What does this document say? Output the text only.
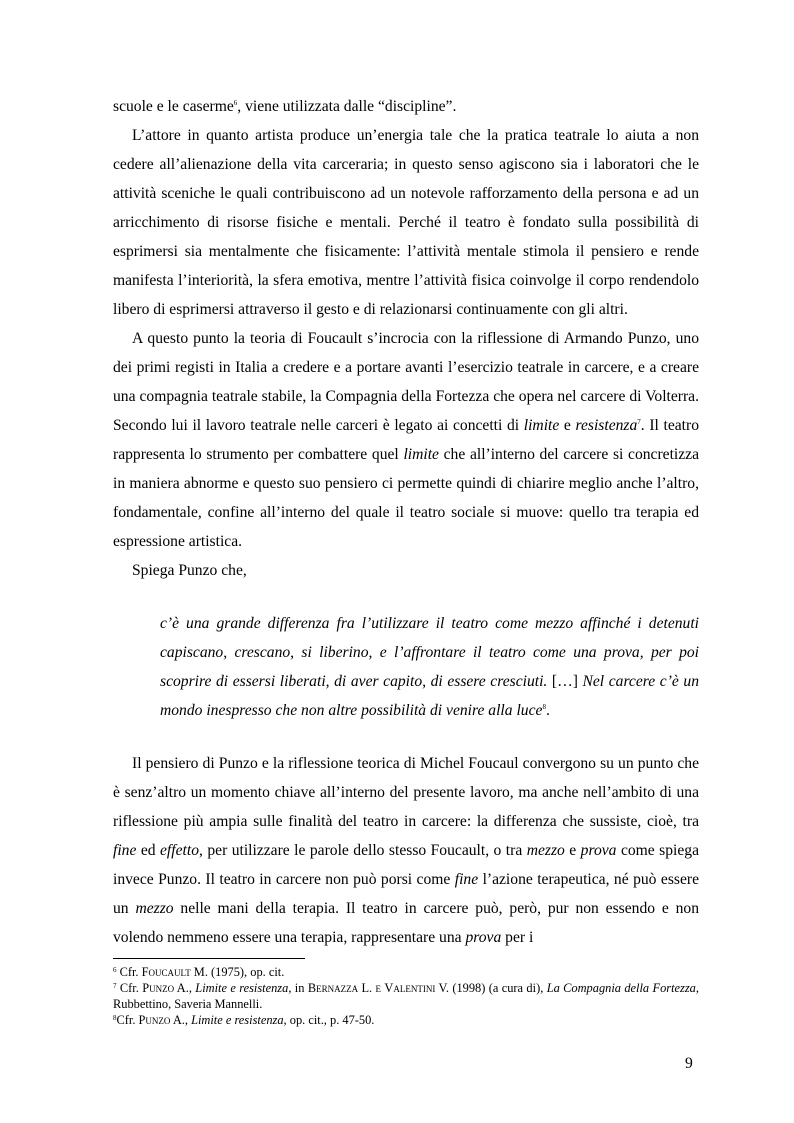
scuole e le caserme$^6$, viene utilizzata dalle “discipline”.

L’attore in quanto artista produce un’energia tale che la pratica teatrale lo aiuta a non cedere all’alienazione della vita carceraria; in questo senso agiscono sia i laboratori che le attività sceniche le quali contribuiscono ad un notevole rafforzamento della persona e ad un arricchimento di risorse fisiche e mentali. Perché il teatro è fondato sulla possibilità di esprimersi sia mentalmente che fisicamente: l’attività mentale stimola il pensiero e rende manifesta l’interiorità, la sfera emotiva, mentre l’attività fisica coinvolge il corpo rendendolo libero di esprimersi attraverso il gesto e di relazionarsi continuamente con gli altri.

A questo punto la teoria di Foucault s’incrocia con la riflessione di Armando Punzo, uno dei primi registi in Italia a credere e a portare avanti l’esercizio teatrale in carcere, e a creare una compagnia teatrale stabile, la Compagnia della Fortezza che opera nel carcere di Volterra. Secondo lui il lavoro teatrale nelle carceri è legato ai concetti di limite e resistenza$^7$. Il teatro rappresenta lo strumento per combattere quel limite che all’interno del carcere si concretizza in maniera abnorme e questo suo pensiero ci permette quindi di chiarire meglio anche l’altro, fondamentale, confine all’interno del quale il teatro sociale si muove: quello tra terapia ed espressione artistica.

Spiega Punzo che,

c’è una grande differenza fra l’utilizzare il teatro come mezzo affinché i detenuti capiscano, crescano, si liberino, e l’affrontare il teatro come una prova, per poi scoprire di essersi liberati, di aver capito, di essere cresciuti. […] Nel carcere c’è un mondo inespresso che non altre possibilità di venire alla luce$^8$.

Il pensiero di Punzo e la riflessione teorica di Michel Foucaul convergono su un punto che è senz’altro un momento chiave all’interno del presente lavoro, ma anche nell’ambito di una riflessione più ampia sulle finalità del teatro in carcere: la differenza che sussiste, cioè, tra fine ed effetto, per utilizzare le parole dello stesso Foucault, o tra mezzo e prova come spiega invece Punzo. Il teatro in carcere non può porsi come fine l’azione terapeutica, né può essere un mezzo nelle mani della terapia. Il teatro in carcere può, però, pur non essendo e non volendo nemmeno essere una terapia, rappresentare una prova per i

$^6$ Cfr. Foucault M. (1975), op. cit.

$^7$ Cfr. Punzo A., Limite e resistenza, in Bernazza L. e Valentini V. (1998) (a cura di), La Compagnia della Fortezza, Rubbettino, Saveria Mannelli.

$^8$Cfr. Punzo A., Limite e resistenza, op. cit., p. 47-50.

9
